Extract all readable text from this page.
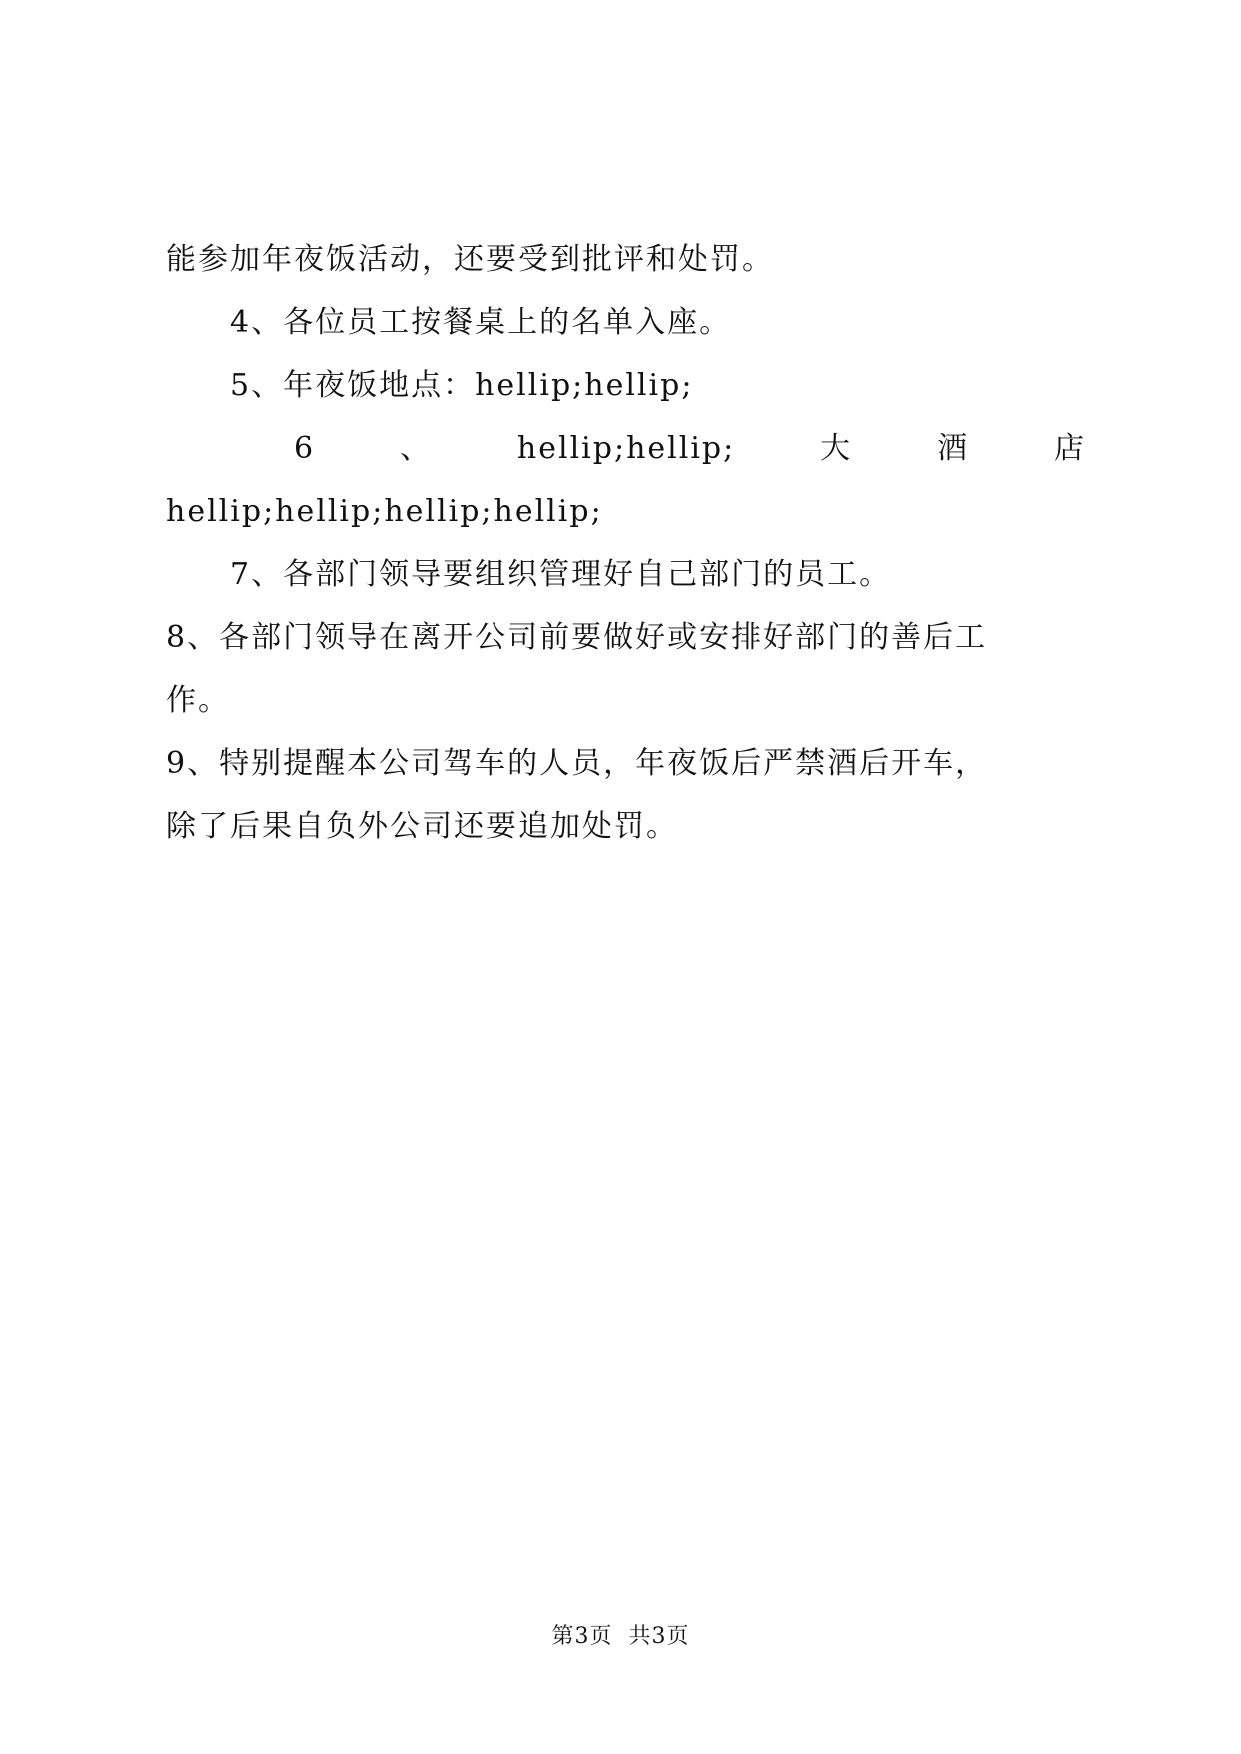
能参加年夜饭活动，还要受到批评和处罚。

4、各位员工按餐桌上的名单入座。

5、年夜饭地点：hellip;hellip;

6	、	hellip;hellip;	大	酒	店
hellip;hellip;hellip;hellip;

7、各部门领导要组织管理好自己部门的员工。

8、各部门领导在离开公司前要做好或安排好部门的善后工
作。
9、特别提醒本公司驾车的人员，年夜饭后严禁酒后开车，
除了后果自负外公司还要追加处罚。
第3页 共3页
